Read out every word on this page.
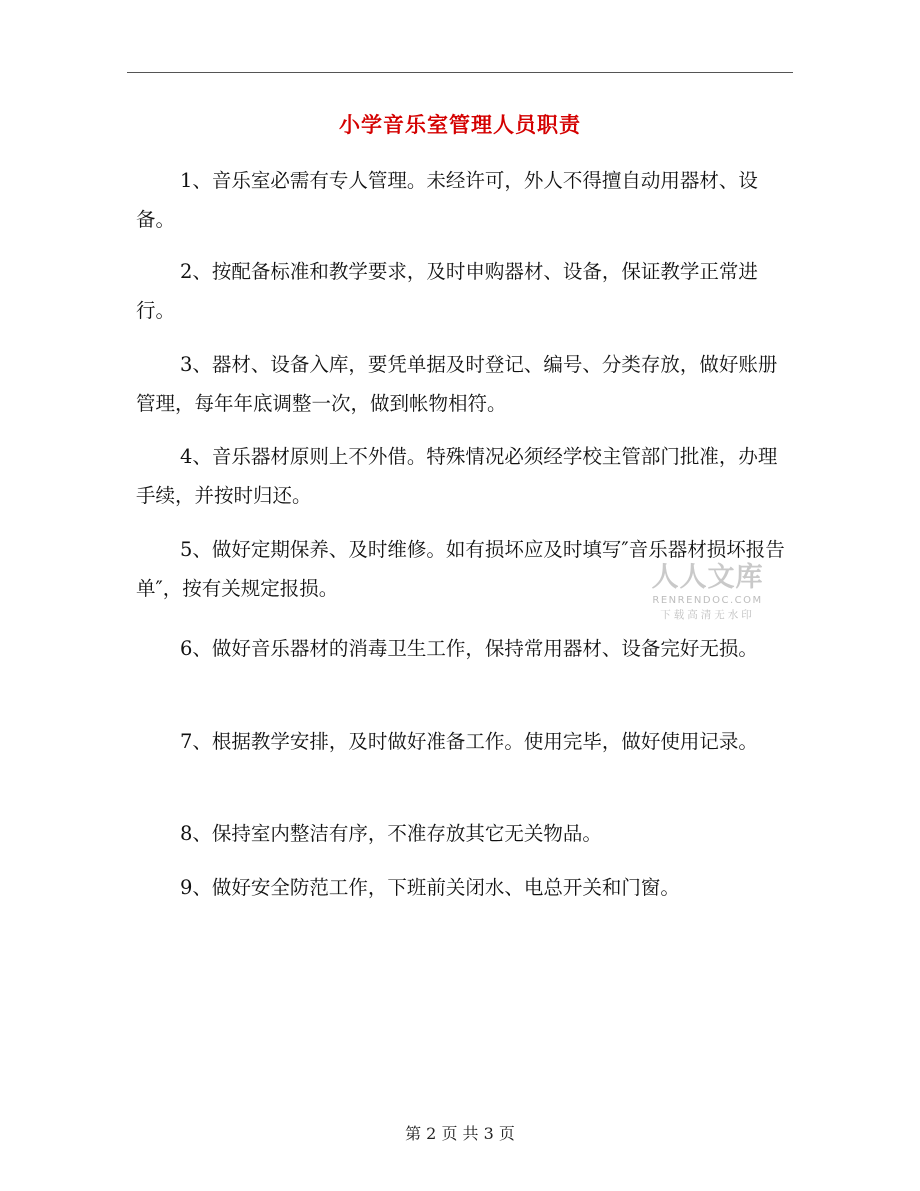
小学音乐室管理人员职责
1、音乐室必需有专人管理。未经许可，外人不得擅自动用器材、设备。
2、按配备标准和教学要求，及时申购器材、设备，保证教学正常进行。
3、器材、设备入库，要凭单据及时登记、编号、分类存放，做好账册管理，每年年底调整一次，做到帐物相符。
4、音乐器材原则上不外借。特殊情况必须经学校主管部门批准，办理手续，并按时归还。
5、做好定期保养、及时维修。如有损坏应及时填写″音乐器材损坏报告单″，按有关规定报损。
6、做好音乐器材的消毒卫生工作，保持常用器材、设备完好无损。
7、根据教学安排，及时做好准备工作。使用完毕，做好使用记录。
8、保持室内整洁有序，不准存放其它无关物品。
9、做好安全防范工作，下班前关闭水、电总开关和门窗。
人人文库
RENRENDOC.COM
下载高清无水印
第 2 页 共 3 页
